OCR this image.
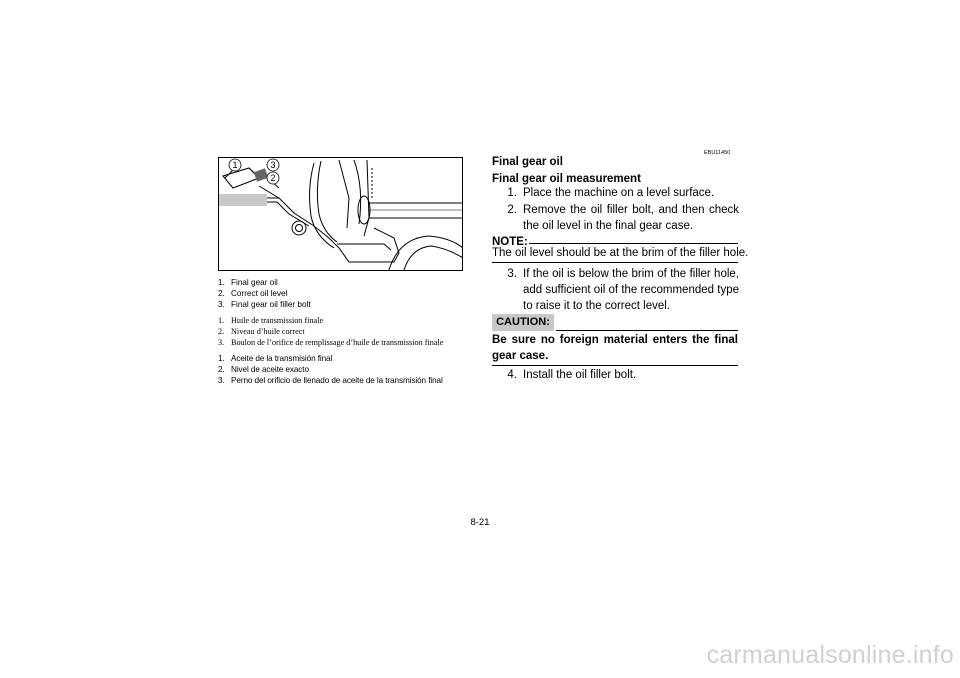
1	3
2
1. Final gear oil
2. Correct oil level
3. Final gear oil filler bolt
1. Huile de transmission finale
2. Niveau d’huile correct
3. Boulon de l’orifice de remplissage d’huile de transmission finale
1. Aceite de la transmisión final
2. Nivel de aceite exacto
3. Perno del orificio de llenado de aceite de la transmisión final
EBU11450
Final gear oil
Final gear oil measurement
1. Place the machine on a level surface.
2. Remove the oil filler bolt, and then check the oil level in the final gear case.
NOTE:
The oil level should be at the brim of the filler hole.
3. If the oil is below the brim of the filler hole, add sufficient oil of the recommended type to raise it to the correct level.
CAUTION:
Be sure no foreign material enters the final gear case.
4. Install the oil filler bolt.
8-21
carmanualsonline.info
